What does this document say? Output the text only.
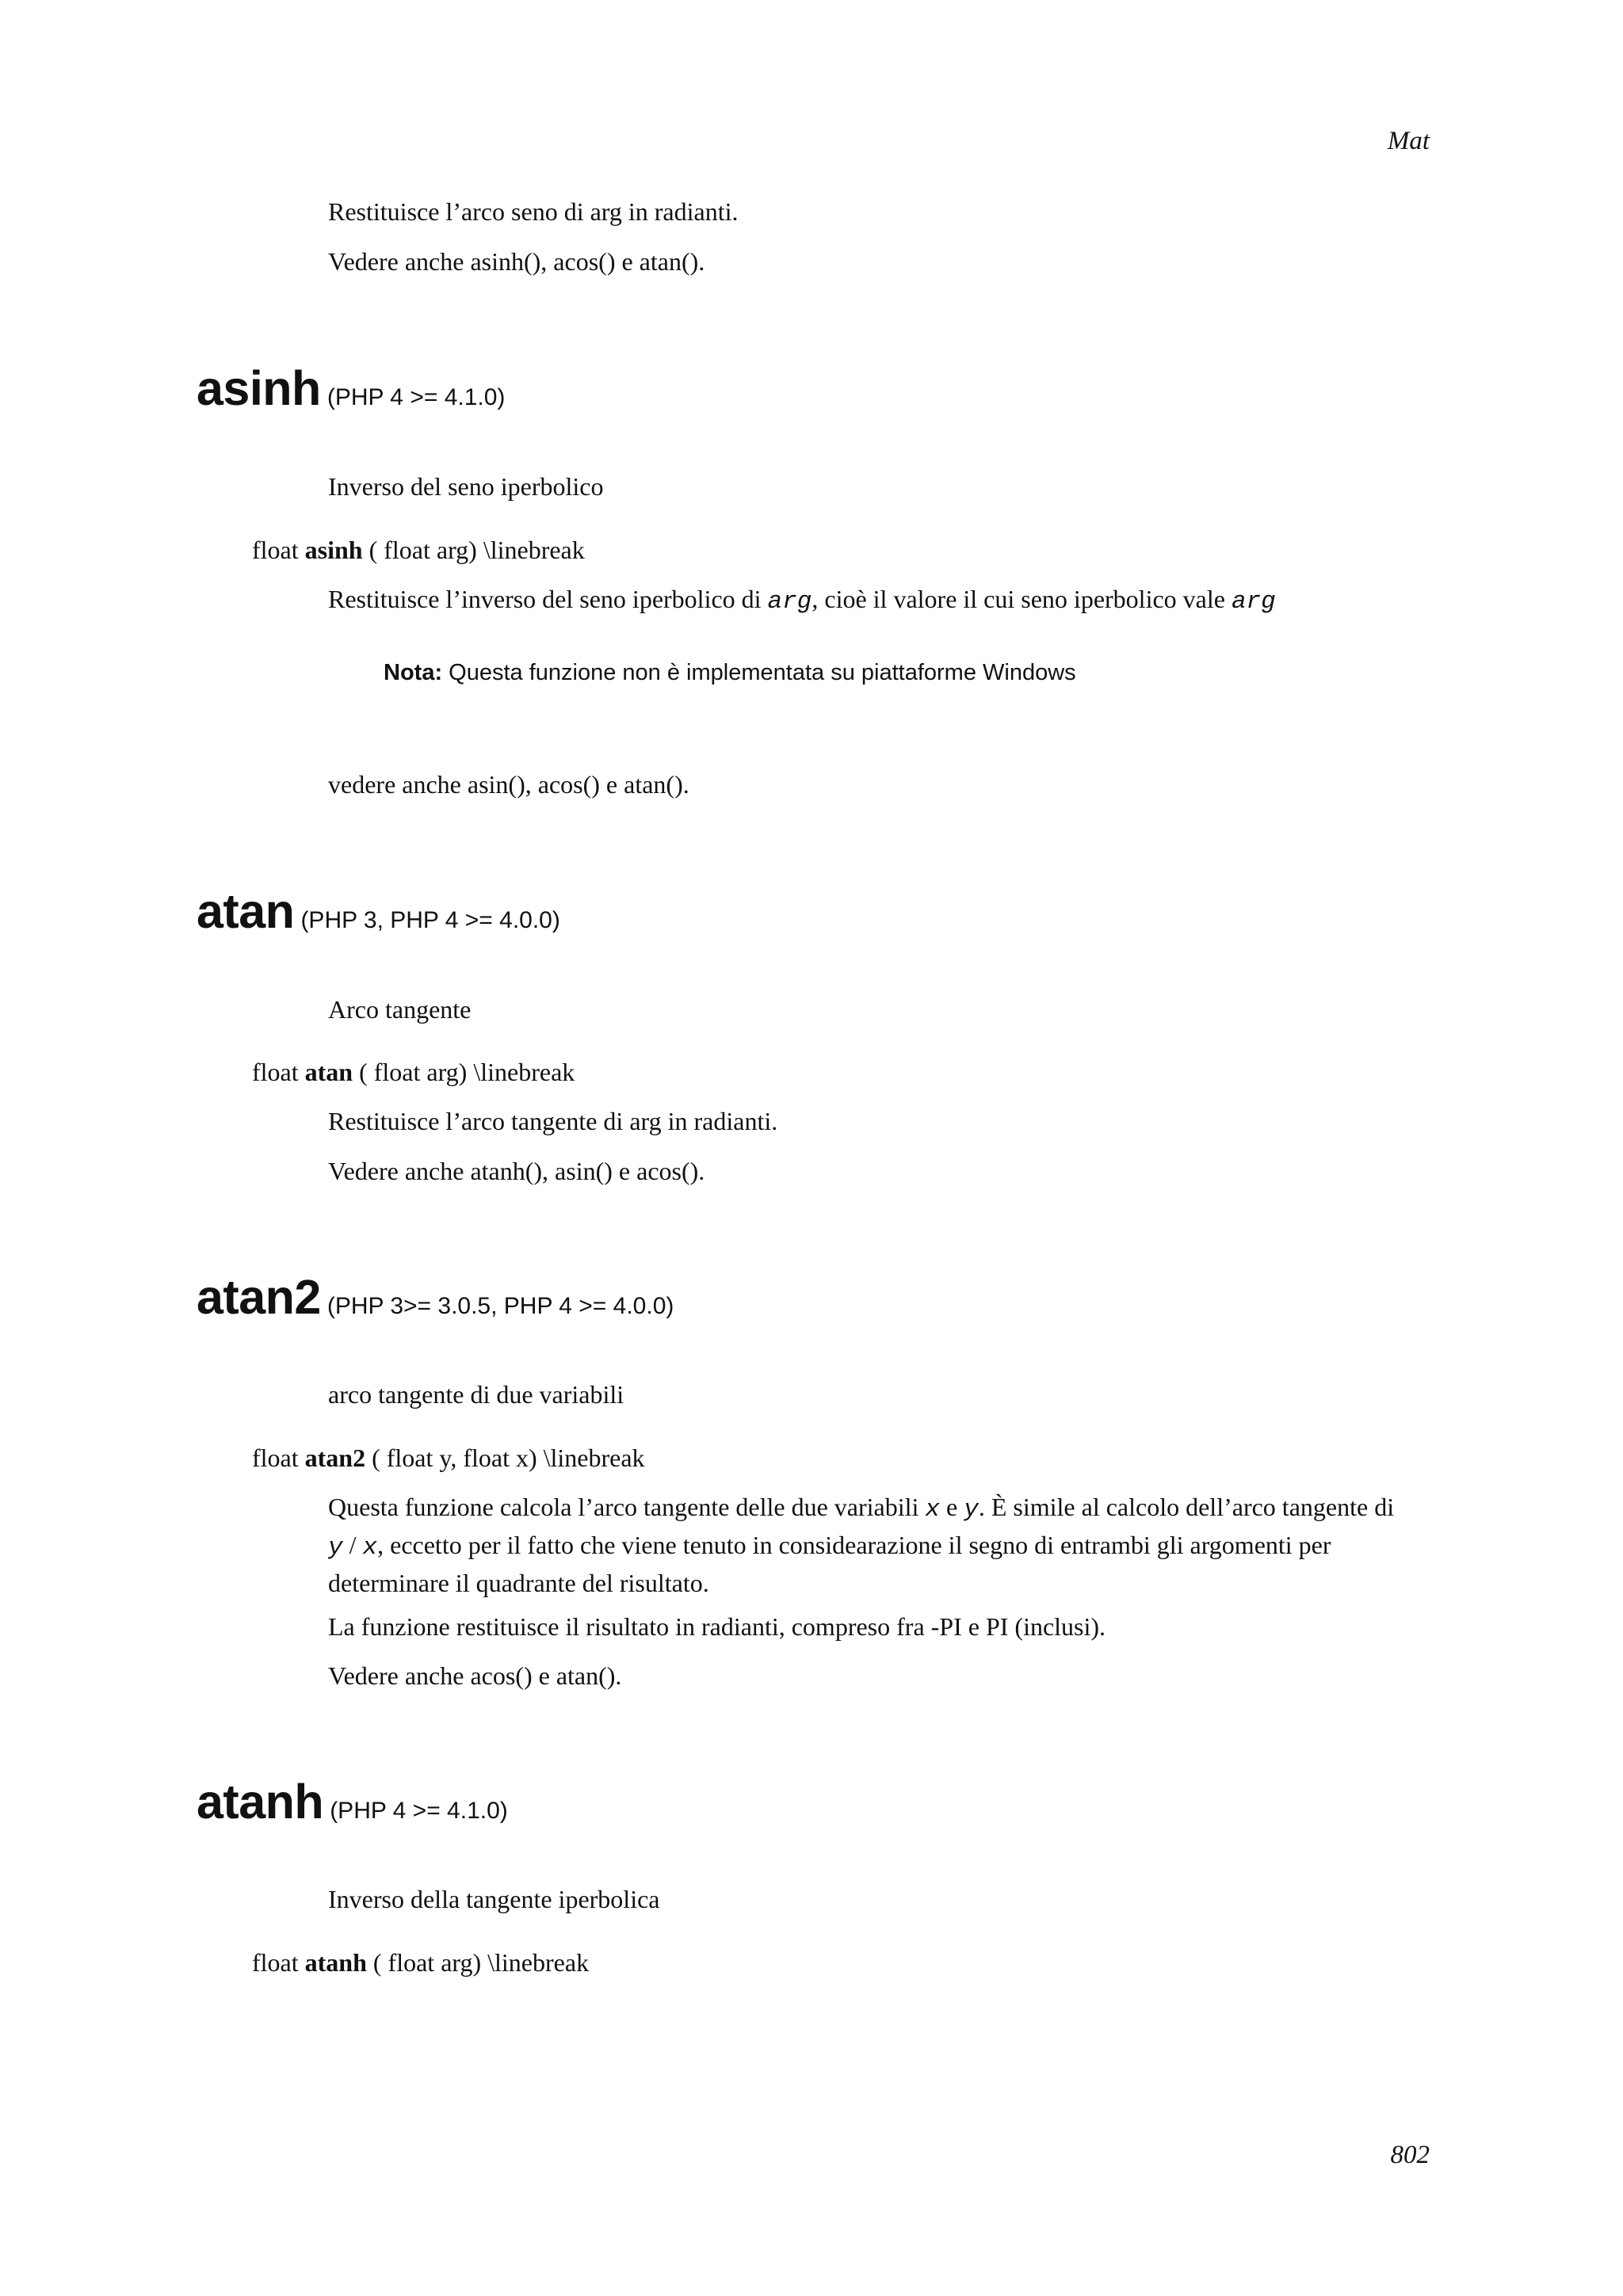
Mat

Restituisce l’arco seno di arg in radianti.

Vedere anche asinh(), acos() e atan().

asinh (PHP 4 >= 4.1.0)

Inverso del seno iperbolico

float asinh ( float arg) \linebreak

Restituisce l’inverso del seno iperbolico di arg, cioè il valore il cui seno iperbolico vale arg

Nota: Questa funzione non è implementata su piattaforme Windows

vedere anche asin(), acos() e atan().

atan (PHP 3, PHP 4 >= 4.0.0)

Arco tangente

float atan ( float arg) \linebreak

Restituisce l’arco tangente di arg in radianti.

Vedere anche atanh(), asin() e acos().

atan2 (PHP 3>= 3.0.5, PHP 4 >= 4.0.0)

arco tangente di due variabili

float atan2 ( float y, float x) \linebreak

Questa funzione calcola l’arco tangente delle due variabili x e y. È simile al calcolo dell’arco tangente di y / x, eccetto per il fatto che viene tenuto in considearazione il segno di entrambi gli argomenti per determinare il quadrante del risultato.

La funzione restituisce il risultato in radianti, compreso fra -PI e PI (inclusi).

Vedere anche acos() e atan().

atanh (PHP 4 >= 4.1.0)

Inverso della tangente iperbolica

float atanh ( float arg) \linebreak

802
